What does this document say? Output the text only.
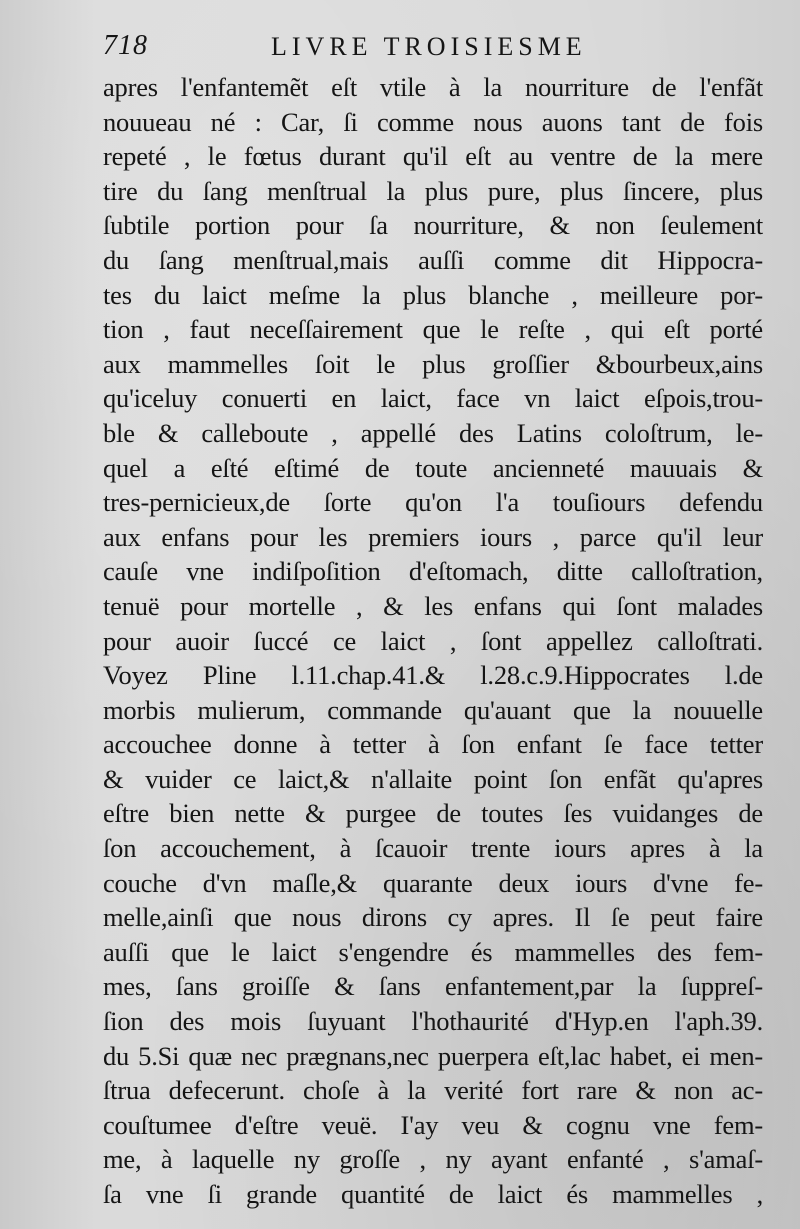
718	LIVRE TROISIESME
apres l'enfantemẽt eſt vtile à la nourriture de l'enfãt
nouueau né : Car, ſi comme nous auons tant de fois
repeté , le fœtus durant qu'il eſt au ventre de la mere
tire du ſang menſtrual la plus pure, plus ſincere, plus
ſubtile portion pour ſa nourriture, & non ſeulement
du ſang menſtrual,mais auſſi comme dit Hippocra-
tes du laict meſme la plus blanche , meilleure por-
tion , faut neceſſairement que le reſte , qui eſt porté
aux mammelles ſoit le plus groſſier &bourbeux,ains
qu'iceluy conuerti en laict, face vn laict eſpois,trou-
ble & calleboute , appellé des Latins coloſtrum, le-
quel a eſté eſtimé de toute ancienneté mauuais &
tres-pernicieux,de ſorte qu'on l'a touſiours defendu
aux enfans pour les premiers iours , parce qu'il leur
cauſe vne indiſpoſition d'eſtomach, ditte calloſtration,
tenuë pour mortelle , & les enfans qui ſont malades
pour auoir ſuccé ce laict , ſont appellez calloſtrati.
Voyez Pline l.11.chap.41.& l.28.c.9.Hippocrates l.de
morbis mulierum, commande qu'auant que la nouuelle
accouchee donne à tetter à ſon enfant ſe face tetter
& vuider ce laict,& n'allaite point ſon enfãt qu'apres
eſtre bien nette & purgee de toutes ſes vuidanges de
ſon accouchement, à ſcauoir trente iours apres à la
couche d'vn maſle,& quarante deux iours d'vne fe-
melle,ainſi que nous dirons cy apres. Il ſe peut faire
auſſi que le laict s'engendre és mammelles des fem-
mes, ſans groiſſe & ſans enfantement,par la ſuppreſ-
ſion des mois ſuyuant l'hothaurité d'Hyp.en l'aph.39.
du 5.Si quæ nec prægnans,nec puerpera eſt,lac habet, ei men-
ſtrua defecerunt. choſe à la verité fort rare & non ac-
couſtumee d'eſtre veuë. I'ay veu & cognu vne fem-
me, à laquelle ny groſſe , ny ayant enfanté , s'amaſ-
ſa vne ſi grande quantité de laict és mammelles ,
